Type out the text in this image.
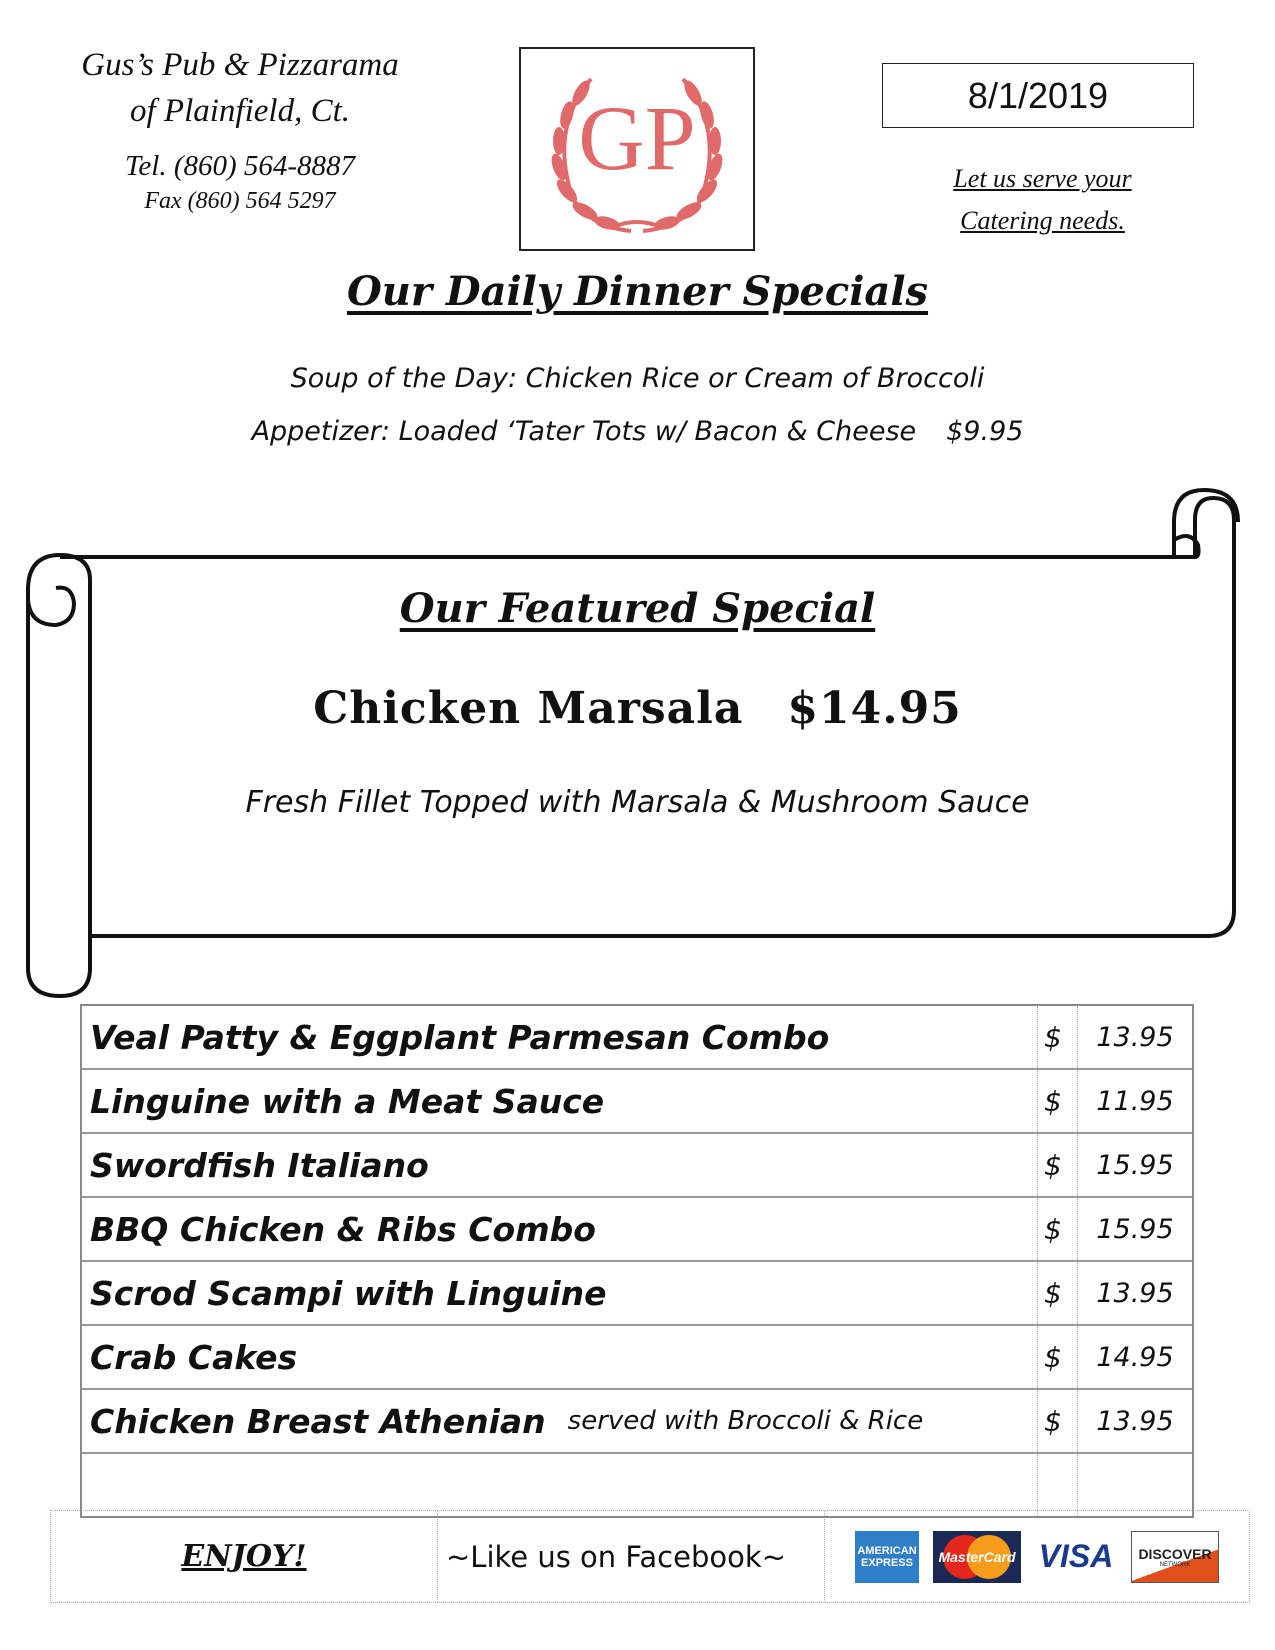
Gus’s Pub & Pizzarama
of Plainfield, Ct.
Tel. (860) 564-8887
Fax (860) 564 5297
GP	8/1/2019
Let us serve your
Catering needs.
Our Daily Dinner Specials
Soup of the Day: Chicken Rice or Cream of Broccoli
Appetizer: Loaded ‘Tater Tots w/ Bacon & Cheese $9.95
Our Featured Special
Chicken Marsala $14.95
Fresh Fillet Topped with Marsala & Mushroom Sauce
Veal Patty & Eggplant Parmesan Combo	$	13.95
Linguine with a Meat Sauce	$	11.95
Swordfish Italiano	$	15.95
BBQ Chicken & Ribs Combo	$	15.95
Scrod Scampi with Linguine	$	13.95
Crab Cakes	$	14.95
Chicken Breast Athenian served with Broccoli & Rice	$	13.95
ENJOY!	~Like us on Facebook~	AMERICAN EXPRESS	MasterCard VISA DISCOVER
NETWORK
